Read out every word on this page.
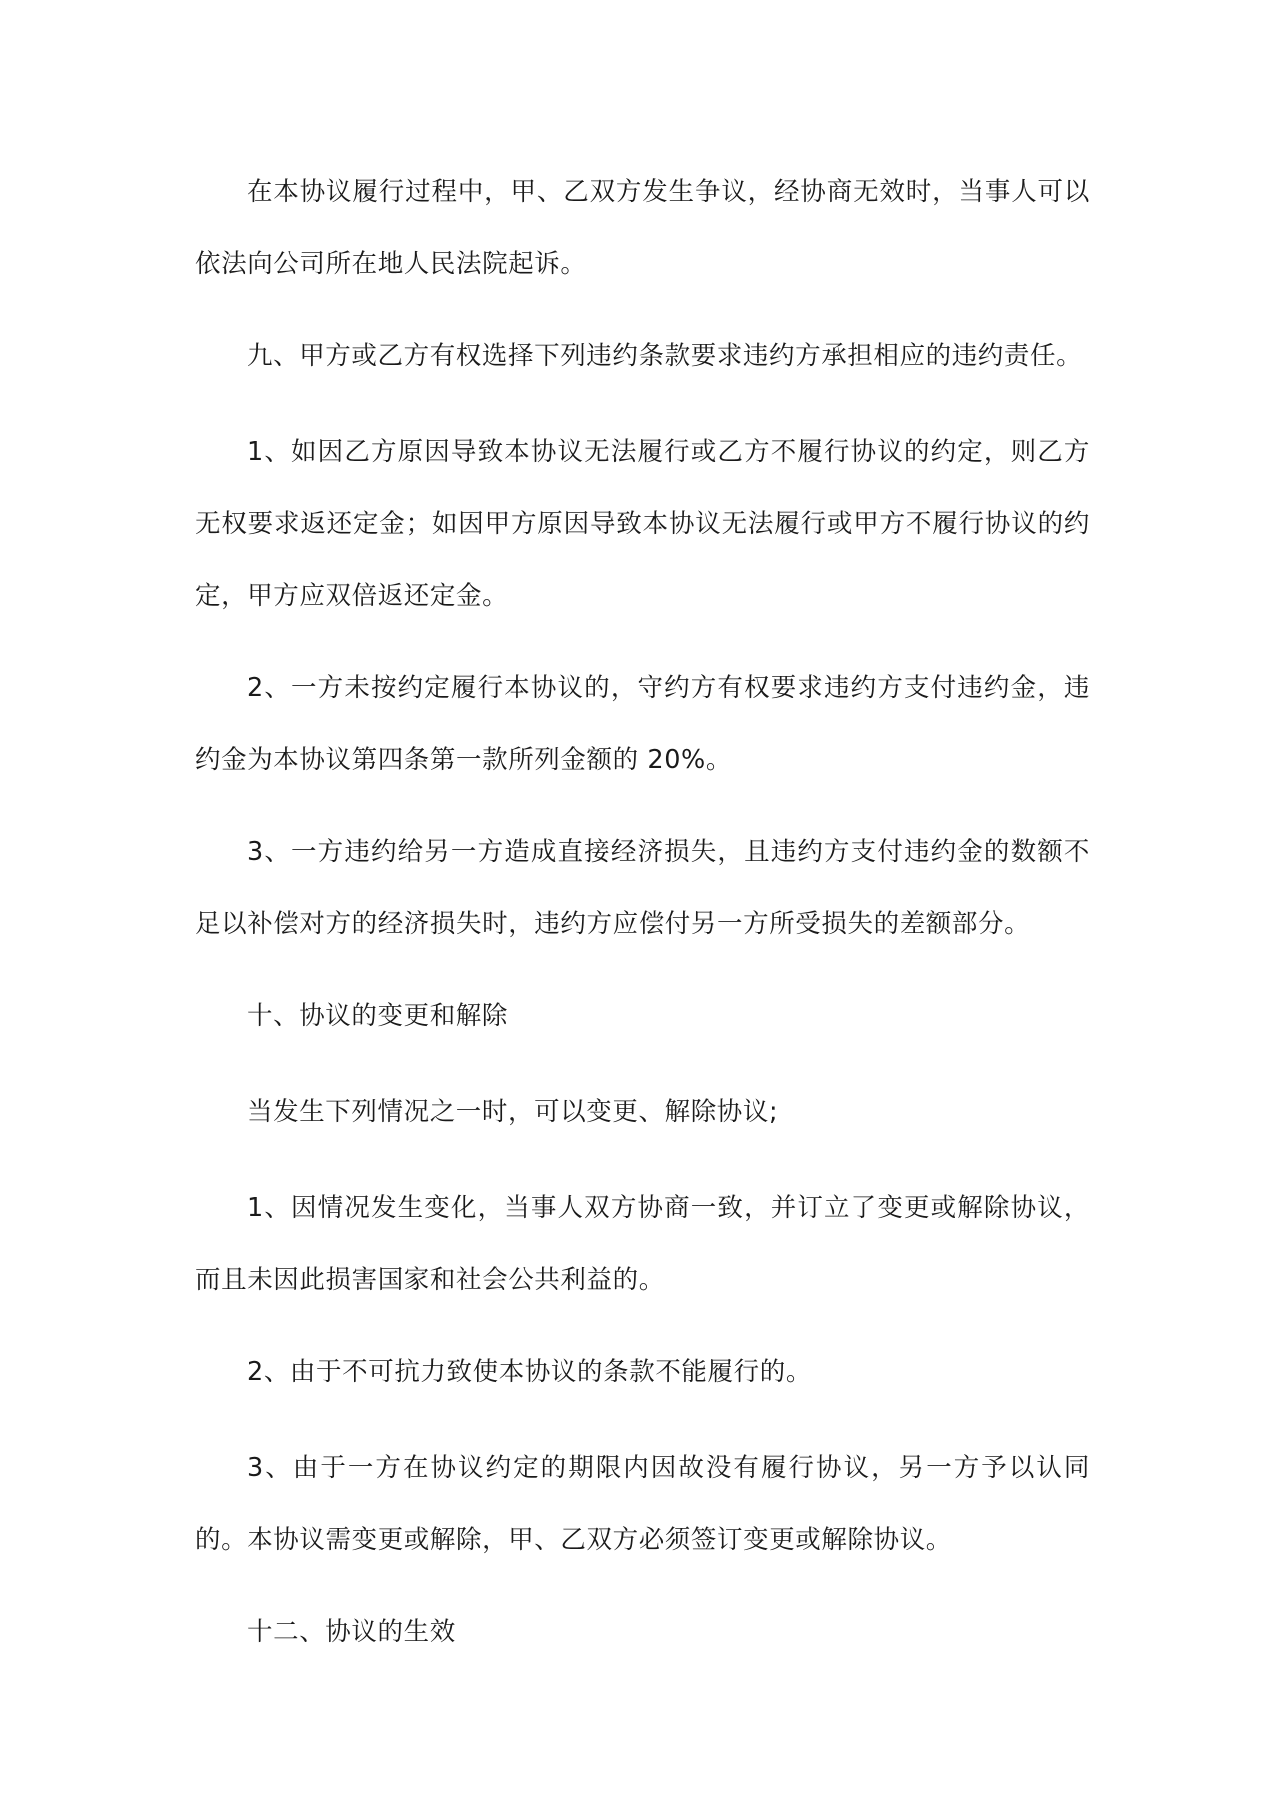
在本协议履行过程中，甲、乙双方发生争议，经协商无效时，当事人可以依法向公司所在地人民法院起诉。

九、甲方或乙方有权选择下列违约条款要求违约方承担相应的违约责任。

1、如因乙方原因导致本协议无法履行或乙方不履行协议的约定，则乙方无权要求返还定金；如因甲方原因导致本协议无法履行或甲方不履行协议的约定，甲方应双倍返还定金。

2、一方未按约定履行本协议的，守约方有权要求违约方支付违约金，违约金为本协议第四条第一款所列金额的 20%。

3、一方违约给另一方造成直接经济损失，且违约方支付违约金的数额不足以补偿对方的经济损失时，违约方应偿付另一方所受损失的差额部分。

十、协议的变更和解除

当发生下列情况之一时，可以变更、解除协议;

1、因情况发生变化，当事人双方协商一致，并订立了变更或解除协议，而且未因此损害国家和社会公共利益的。

2、由于不可抗力致使本协议的条款不能履行的。

3、由于一方在协议约定的期限内因故没有履行协议，另一方予以认同的。本协议需变更或解除，甲、乙双方必须签订变更或解除协议。

十二、协议的生效
